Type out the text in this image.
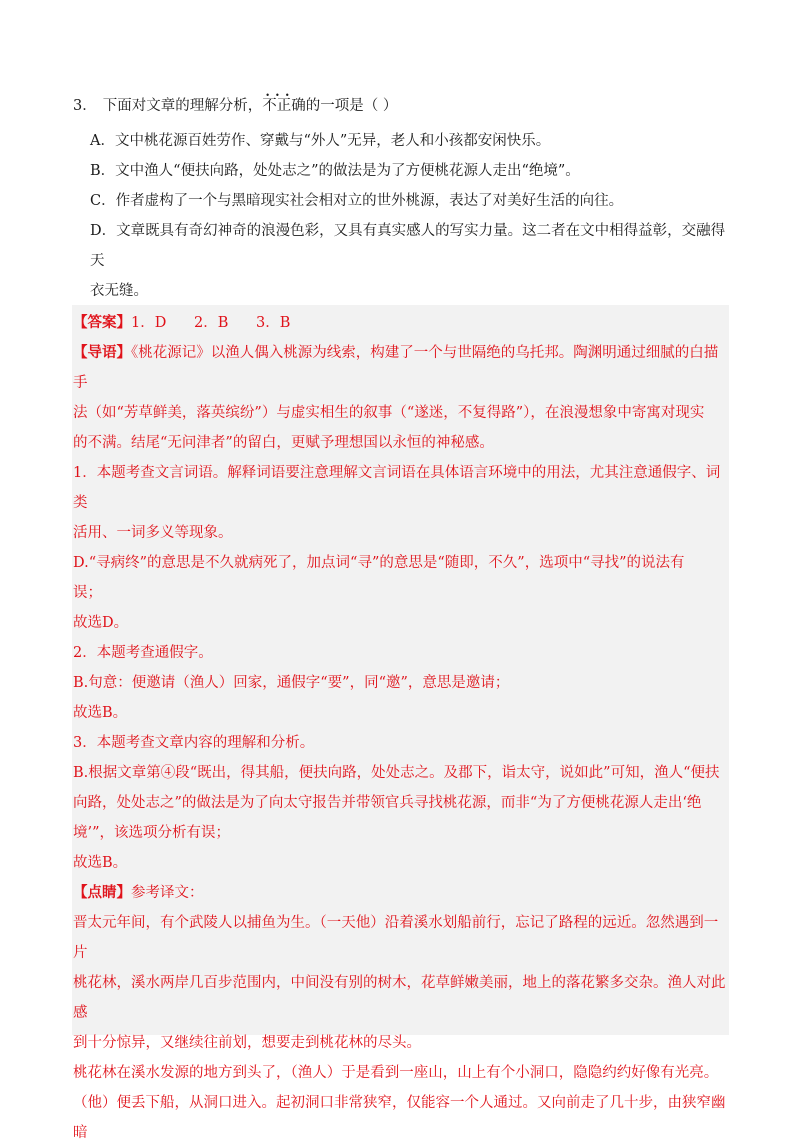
3． 下面对文章的理解分析，•  •  • 不正确的一项是（ ）

A．文中桃花源百姓劳作、穿戴与“外人”无异，老人和小孩都安闲快乐。

B．文中渔人“便扶向路，处处志之”的做法是为了方便桃花源人走出“绝境”。

C．作者虚构了一个与黑暗现实社会相对立的世外桃源，表达了对美好生活的向往。

D．文章既具有奇幻神奇的浪漫色彩，又具有真实感人的写实力量。这二者在文中相得益彰，交融得天
衣无缝。

【答案】1．D      2．B      3．B

【导语】《桃花源记》以渔人偶入桃源为线索，构建了一个与世隔绝的乌托邦。陶渊明通过细腻的白描手

法（如“芳草鲜美，落英缤纷”）与虚实相生的叙事（“遂迷，不复得路”），在浪漫想象中寄寓对现实

的不满。结尾“无问津者”的留白，更赋予理想国以永恒的神秘感。

1．本题考查文言词语。解释词语要注意理解文言词语在具体语言环境中的用法，尤其注意通假字、词类

活用、一词多义等现象。

D.“寻病终”的意思是不久就病死了，加点词“寻”的意思是“随即，不久”，选项中“寻找”的说法有

误；

故选D。

2．本题考查通假字。

B.句意：便邀请（渔人）回家，通假字“要”，同“邀”，意思是邀请；

故选B。

3．本题考查文章内容的理解和分析。

B.根据文章第④段“既出，得其船，便扶向路，处处志之。及郡下，诣太守，说如此”可知，渔人“便扶

向路，处处志之”的做法是为了向太守报告并带领官兵寻找桃花源，而非“为了方便桃花源人走出‘绝

境’”，该选项分析有误；

故选B。

【点睛】参考译文：

晋太元年间，有个武陵人以捕鱼为生。（一天他）沿着溪水划船前行，忘记了路程的远近。忽然遇到一片

桃花林，溪水两岸几百步范围内，中间没有别的树木，花草鲜嫩美丽，地上的落花繁多交杂。渔人对此感

到十分惊异，又继续往前划，想要走到桃花林的尽头。

桃花林在溪水发源的地方到头了，（渔人）于是看到一座山，山上有个小洞口，隐隐约约好像有光亮。

（他）便丢下船，从洞口进入。起初洞口非常狭窄，仅能容一个人通过。又向前走了几十步，由狭窄幽暗
